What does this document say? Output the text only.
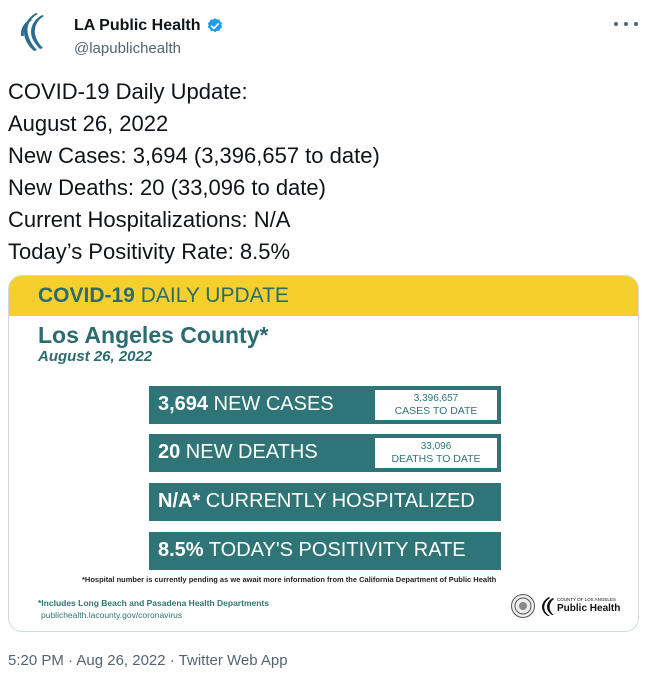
LA Public Health
@lapublichealth
COVID-19 Daily Update:
August 26, 2022
New Cases: 3,694 (3,396,657 to date)
New Deaths: 20 (33,096 to date)
Current Hospitalizations: N/A
Today’s Positivity Rate: 8.5%
COVID-19 DAILY UPDATE
Los Angeles County*
August 26, 2022
3,694 NEW CASES	3,396,657
CASES TO DATE
20 NEW DEATHS	33,096
DEATHS TO DATE
N/A* CURRENTLY HOSPITALIZED
8.5% TODAY'S POSITIVITY RATE
*Hospital number is currently pending as we await more information from the California Department of Public Health
*Includes Long Beach and Pasadena Health Departments
publichealth.lacounty.gov/coronavirus
COUNTY OF LOS ANGELES
Public Health
5:20 PM · Aug 26, 2022 · Twitter Web App
